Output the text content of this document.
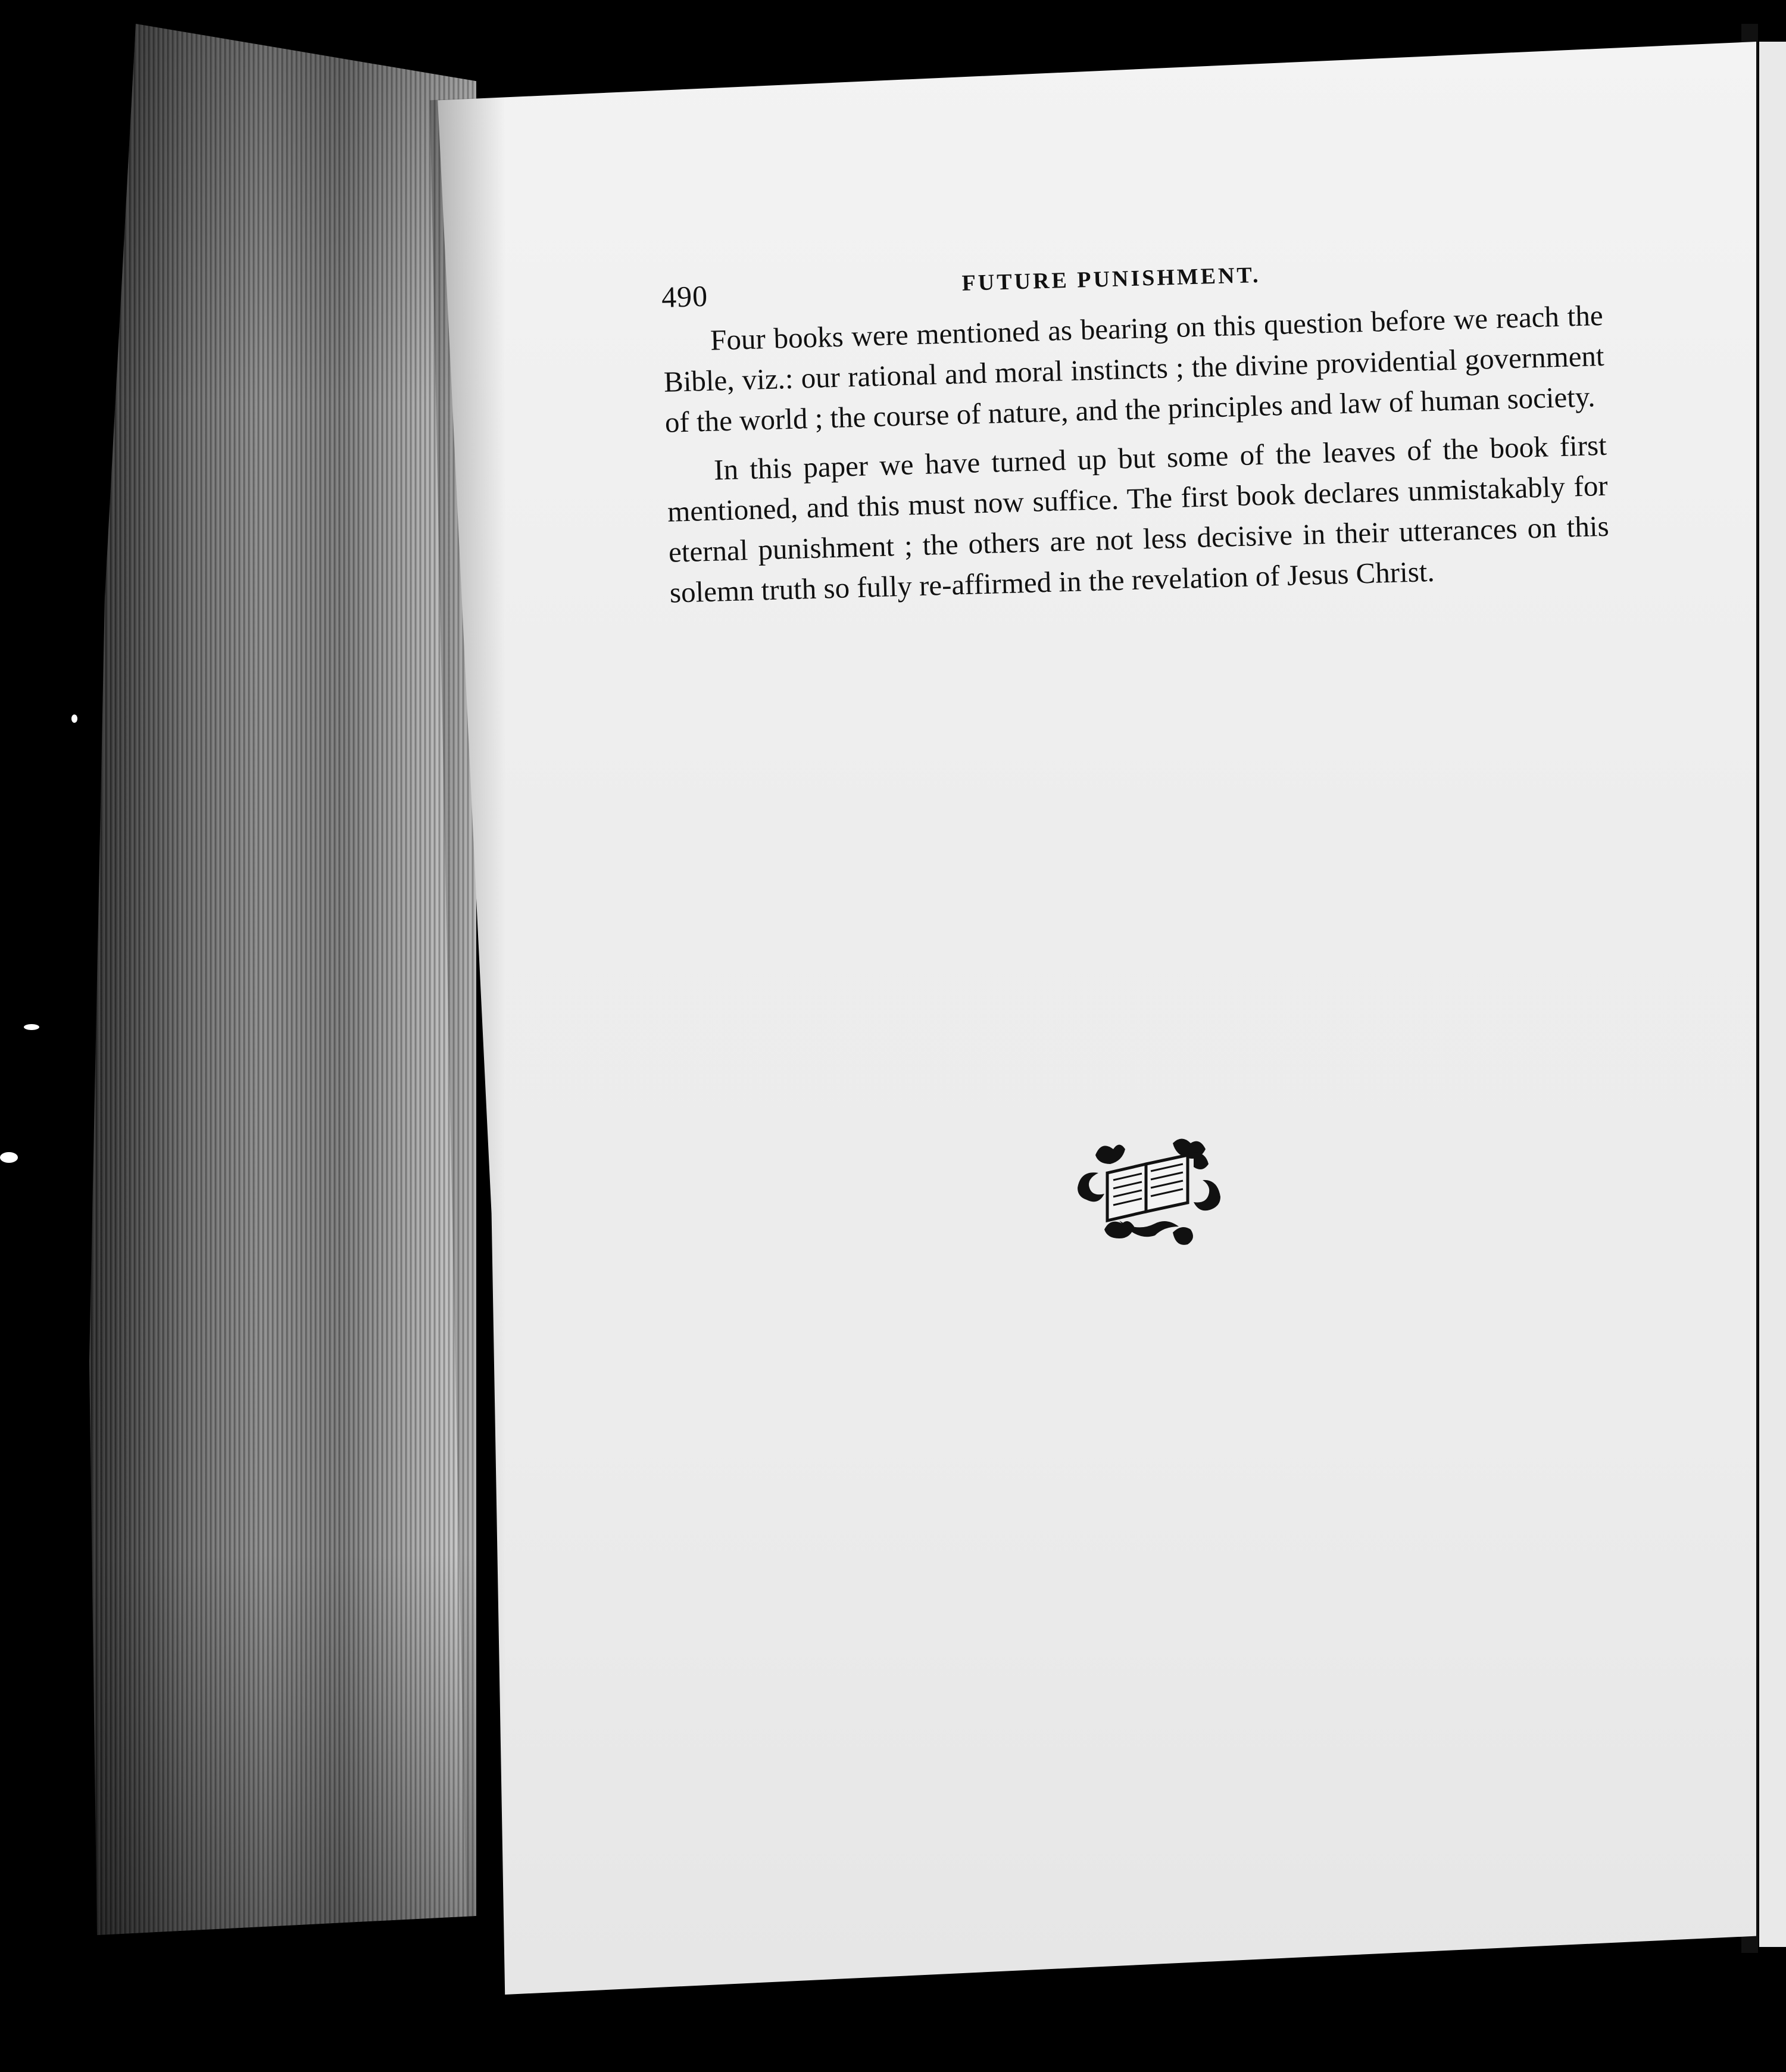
490	FUTURE PUNISHMENT.

Four books were mentioned as bearing on this question before we reach the Bible, viz.: our rational and moral instincts ; the divine providential government of the world ; the course of nature, and the principles and law of human society.

In this paper we have turned up but some of the leaves of the book first mentioned, and this must now suffice. The first book declares unmistakably for eternal punishment ; the others are not less decisive in their utterances on this solemn truth so fully re-affirmed in the revelation of Jesus Christ.
